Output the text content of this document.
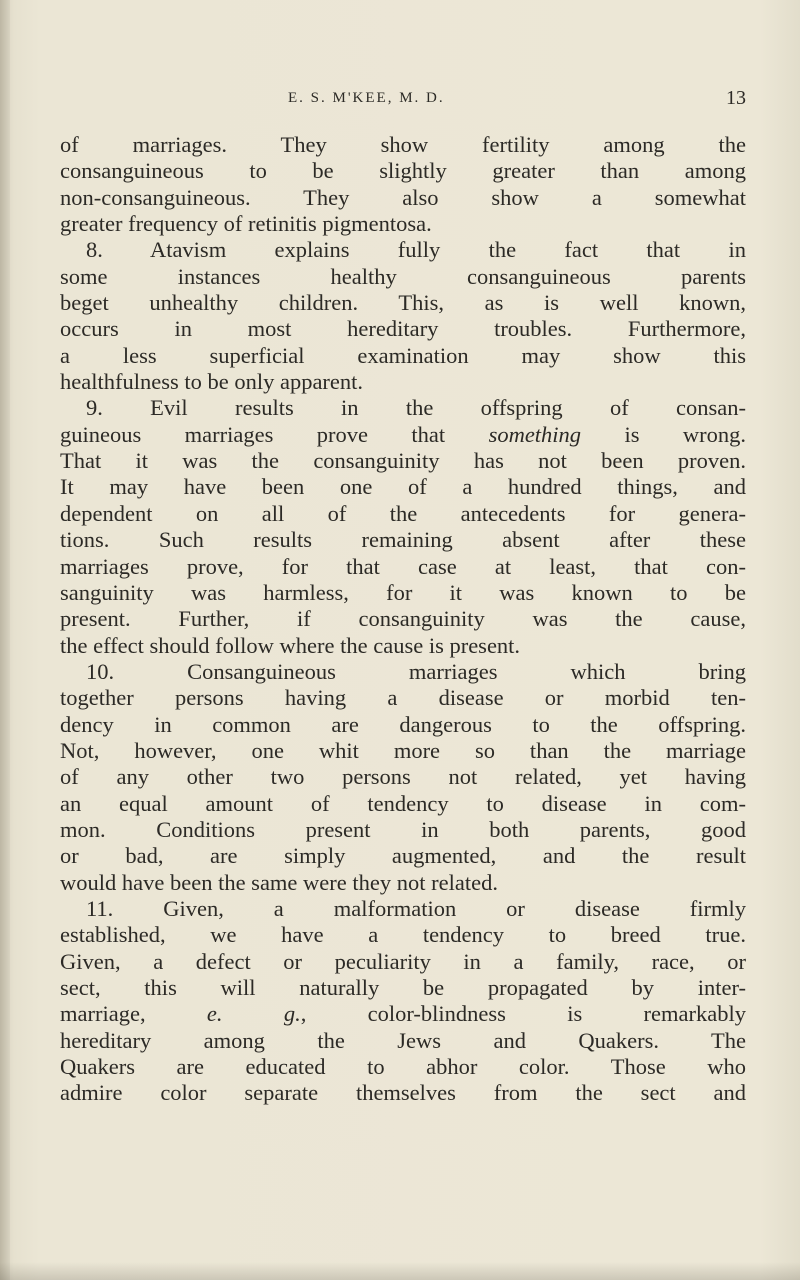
E. S. M'KEE, M. D.	13
of marriages. They show fertility among the
consanguineous to be slightly greater than among
non-consanguineous. They also show a somewhat
greater frequency of retinitis pigmentosa.
8. Atavism explains fully the fact that in
some instances healthy consanguineous parents
beget unhealthy children. This, as is well known,
occurs in most hereditary troubles. Furthermore,
a less superficial examination may show this
healthfulness to be only apparent.
9. Evil results in the offspring of consan-
guineous marriages prove that something is wrong.
That it was the consanguinity has not been proven.
It may have been one of a hundred things, and
dependent on all of the antecedents for genera-
tions. Such results remaining absent after these
marriages prove, for that case at least, that con-
sanguinity was harmless, for it was known to be
present. Further, if consanguinity was the cause,
the effect should follow where the cause is present.
10. Consanguineous marriages which bring
together persons having a disease or morbid ten-
dency in common are dangerous to the offspring.
Not, however, one whit more so than the marriage
of any other two persons not related, yet having
an equal amount of tendency to disease in com-
mon. Conditions present in both parents, good
or bad, are simply augmented, and the result
would have been the same were they not related.
11. Given, a malformation or disease firmly
established, we have a tendency to breed true.
Given, a defect or peculiarity in a family, race, or
sect, this will naturally be propagated by inter-
marriage, e. g., color-blindness is remarkably
hereditary among the Jews and Quakers. The
Quakers are educated to abhor color. Those who
admire color separate themselves from the sect and
